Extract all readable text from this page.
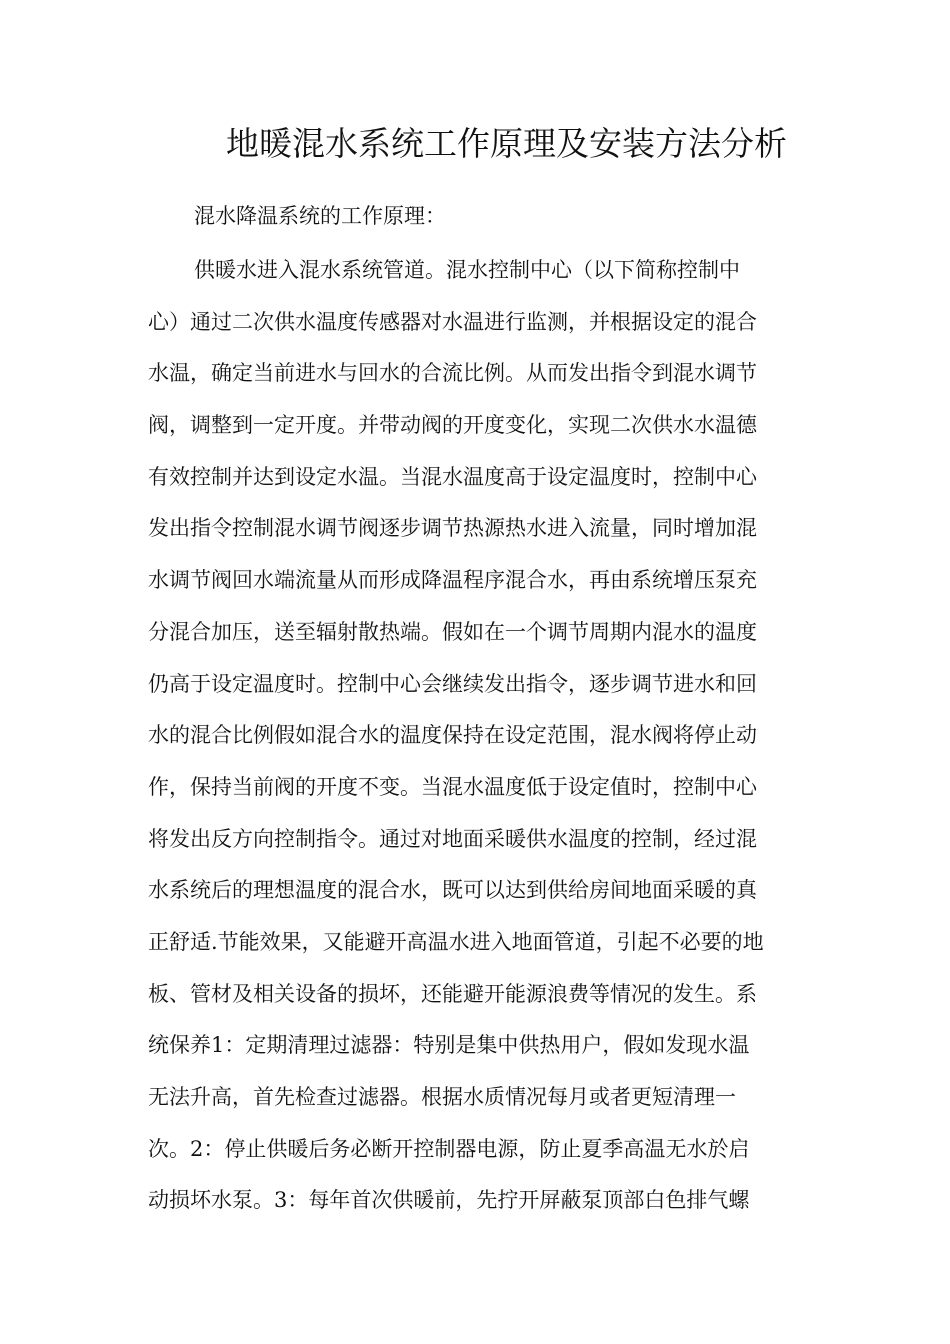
地暖混水系统工作原理及安装方法分析
混水降温系统的工作原理：
供暖水进入混水系统管道。混水控制中心（以下简称控制中
心）通过二次供水温度传感器对水温进行监测，并根据设定的混合
水温，确定当前进水与回水的合流比例。从而发出指令到混水调节
阀，调整到一定开度。并带动阀的开度变化，实现二次供水水温德
有效控制并达到设定水温。当混水温度高于设定温度时，控制中心
发出指令控制混水调节阀逐步调节热源热水进入流量，同时增加混
水调节阀回水端流量从而形成降温程序混合水，再由系统增压泵充
分混合加压，送至辐射散热端。假如在一个调节周期内混水的温度
仍高于设定温度时。控制中心会继续发出指令，逐步调节进水和回
水的混合比例假如混合水的温度保持在设定范围，混水阀将停止动
作，保持当前阀的开度不变。当混水温度低于设定值时，控制中心
将发出反方向控制指令。通过对地面采暖供水温度的控制，经过混
水系统后的理想温度的混合水，既可以达到供给房间地面采暖的真
正舒适.节能效果，又能避开高温水进入地面管道，引起不必要的地
板、管材及相关设备的损坏，还能避开能源浪费等情况的发生。系
统保养1：定期清理过滤器：特别是集中供热用户，假如发现水温
无法升高，首先检查过滤器。根据水质情况每月或者更短清理一
次。2：停止供暖后务必断开控制器电源，防止夏季高温无水於启
动损坏水泵。3：每年首次供暖前，先拧开屏蔽泵顶部白色排气螺
